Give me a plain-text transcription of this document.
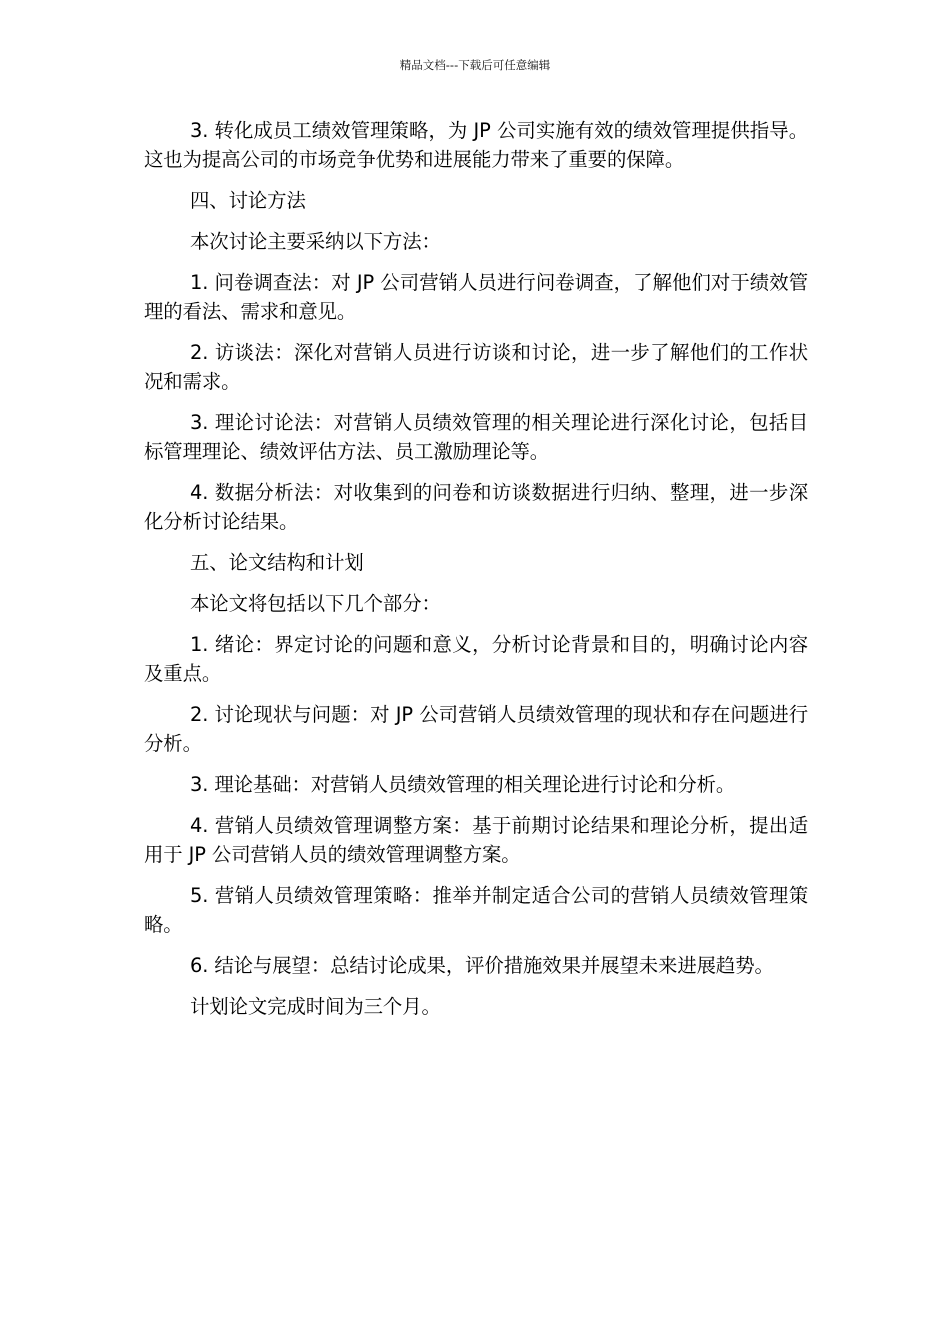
精品文档---下载后可任意编辑

3. 转化成员工绩效管理策略，为 JP 公司实施有效的绩效管理提供指导。这也为提高公司的市场竞争优势和进展能力带来了重要的保障。

四、讨论方法

本次讨论主要采纳以下方法：

1. 问卷调查法：对 JP 公司营销人员进行问卷调查，了解他们对于绩效管理的看法、需求和意见。

2. 访谈法：深化对营销人员进行访谈和讨论，进一步了解他们的工作状况和需求。

3. 理论讨论法：对营销人员绩效管理的相关理论进行深化讨论，包括目标管理理论、绩效评估方法、员工激励理论等。

4. 数据分析法：对收集到的问卷和访谈数据进行归纳、整理，进一步深化分析讨论结果。

五、论文结构和计划

本论文将包括以下几个部分：

1. 绪论：界定讨论的问题和意义，分析讨论背景和目的，明确讨论内容及重点。

2. 讨论现状与问题：对 JP 公司营销人员绩效管理的现状和存在问题进行分析。

3. 理论基础：对营销人员绩效管理的相关理论进行讨论和分析。

4. 营销人员绩效管理调整方案：基于前期讨论结果和理论分析，提出适用于 JP 公司营销人员的绩效管理调整方案。

5. 营销人员绩效管理策略：推举并制定适合公司的营销人员绩效管理策略。

6. 结论与展望：总结讨论成果，评价措施效果并展望未来进展趋势。

计划论文完成时间为三个月。
